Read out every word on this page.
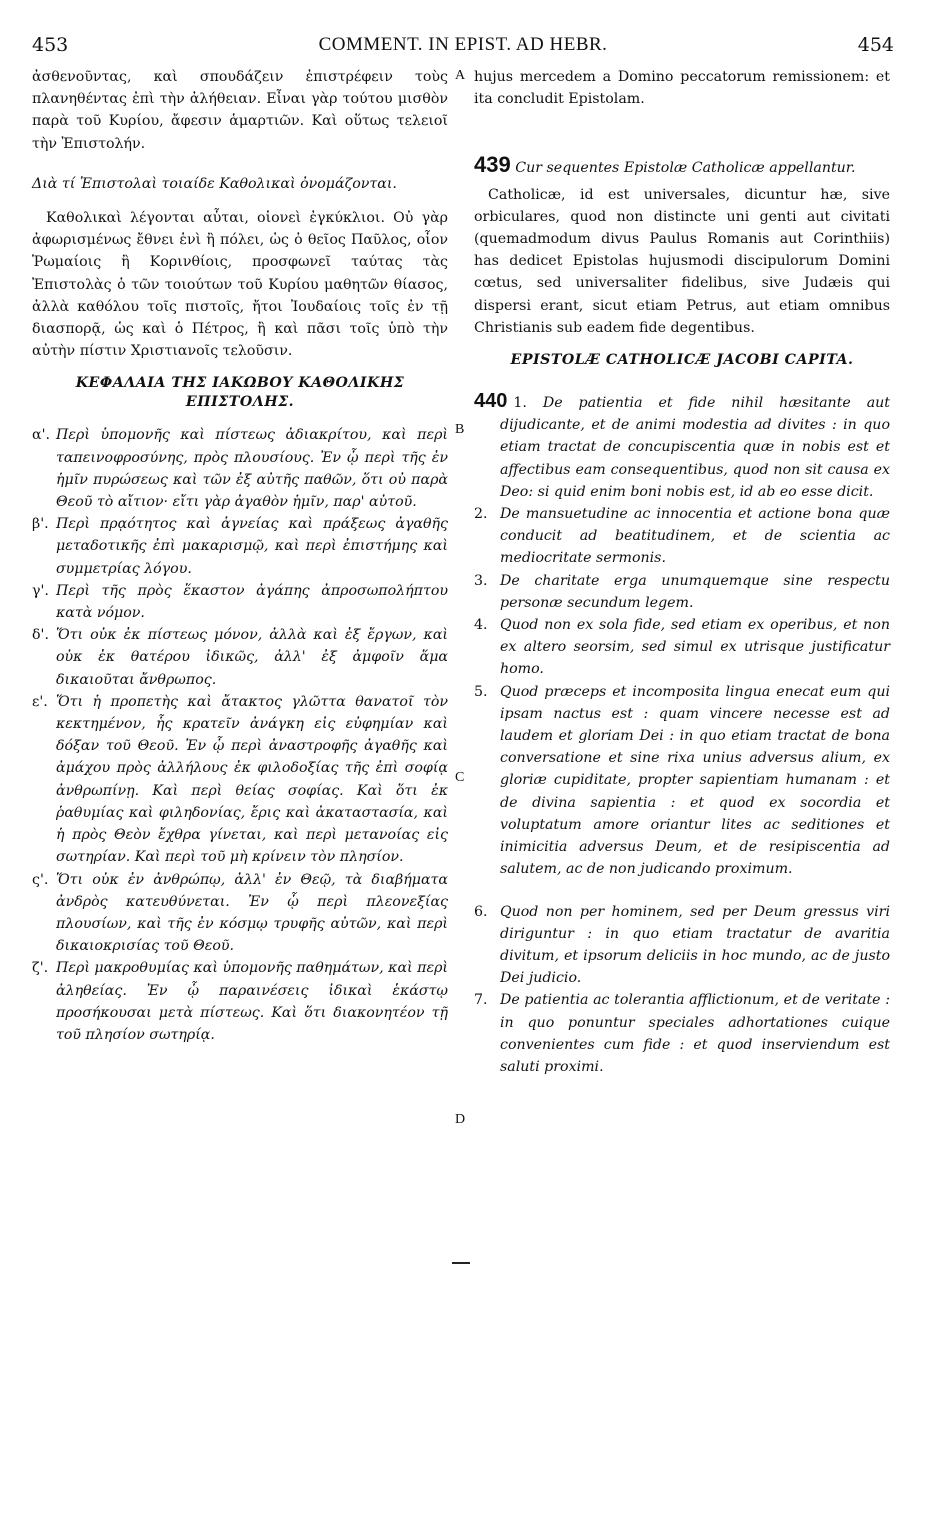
453	COMMENT. IN EPIST. AD HEBR.	454
A
B
C
D

ἀσθενοῦντας, καὶ σπουδάζειν ἐπιστρέφειν τοὺς πλανηθέντας ἐπὶ τὴν ἀλήθειαν. Εἶναι γὰρ τούτου μισθὸν παρὰ τοῦ Κυρίου, ἄφεσιν ἁμαρτιῶν. Καὶ οὕτως τελειοῖ τὴν Ἐπιστολήν.

Διὰ τί Ἐπιστολαὶ τοιαίδε Καθολικαὶ ὀνομάζονται.

Καθολικαὶ λέγονται αὗται, οἱονεὶ ἐγκύκλιοι. Οὐ γὰρ ἀφωρισμένως ἔθνει ἑνὶ ἢ πόλει, ὡς ὁ θεῖος Παῦλος, οἷον Ῥωμαίοις ἢ Κορινθίοις, προσφωνεῖ ταύτας τὰς Ἐπιστολὰς ὁ τῶν τοιούτων τοῦ Κυρίου μαθητῶν θίασος, ἀλλὰ καθόλου τοῖς πιστοῖς, ἤτοι Ἰουδαίοις τοῖς ἐν τῇ διασπορᾷ, ὡς καὶ ὁ Πέτρος, ἢ καὶ πᾶσι τοῖς ὑπὸ τὴν αὐτὴν πίστιν Χριστιανοῖς τελοῦσιν.

ΚΕΦΑΛΑΙΑ ΤΗΣ ΙΑΚΩΒΟΥ ΚΑΘΟΛΙΚΗΣ ΕΠΙΣΤΟΛΗΣ.

α'. Περὶ ὑπομονῆς καὶ πίστεως ἀδιακρίτου, καὶ περὶ ταπεινοφροσύνης, πρὸς πλουσίους. Ἐν ᾧ περὶ τῆς ἐν ἡμῖν πυρώσεως καὶ τῶν ἐξ αὐτῆς παθῶν, ὅτι οὐ παρὰ Θεοῦ τὸ αἴτιον· εἴτι γὰρ ἀγαθὸν ἡμῖν, παρ' αὐτοῦ.

β'. Περὶ πρᾳότητος καὶ ἁγνείας καὶ πράξεως ἀγαθῆς μεταδοτικῆς ἐπὶ μακαρισμῷ, καὶ περὶ ἐπιστήμης καὶ συμμετρίας λόγου.

γ'. Περὶ τῆς πρὸς ἕκαστον ἀγάπης ἀπροσωπολήπτου κατὰ νόμον.

δ'. Ὅτι οὐκ ἐκ πίστεως μόνον, ἀλλὰ καὶ ἐξ ἔργων, καὶ οὐκ ἐκ θατέρου ἰδικῶς, ἀλλ' ἐξ ἀμφοῖν ἅμα δικαιοῦται ἄνθρωπος.

ε'. Ὅτι ἡ προπετὴς καὶ ἄτακτος γλῶττα θανατοῖ τὸν κεκτημένον, ἧς κρατεῖν ἀνάγκη εἰς εὐφημίαν καὶ δόξαν τοῦ Θεοῦ. Ἐν ᾧ περὶ ἀναστροφῆς ἀγαθῆς καὶ ἀμάχου πρὸς ἀλλήλους ἐκ φιλοδοξίας τῆς ἐπὶ σοφίᾳ ἀνθρωπίνῃ. Καὶ περὶ θείας σοφίας. Καὶ ὅτι ἐκ ῥαθυμίας καὶ φιληδονίας, ἔρις καὶ ἀκαταστασία, καὶ ἡ πρὸς Θεὸν ἔχθρα γίνεται, καὶ περὶ μετανοίας εἰς σωτηρίαν. Καὶ περὶ τοῦ μὴ κρίνειν τὸν πλησίον.

ς'. Ὅτι οὐκ ἐν ἀνθρώπῳ, ἀλλ' ἐν Θεῷ, τὰ διαβήματα ἀνδρὸς κατευθύνεται. Ἐν ᾧ περὶ πλεονεξίας πλουσίων, καὶ τῆς ἐν κόσμῳ τρυφῆς αὐτῶν, καὶ περὶ δικαιοκρισίας τοῦ Θεοῦ.

ζ'. Περὶ μακροθυμίας καὶ ὑπομονῆς παθημάτων, καὶ περὶ ἀληθείας. Ἐν ᾧ παραινέσεις ἰδικαὶ ἑκάστῳ προσήκουσαι μετὰ πίστεως. Καὶ ὅτι διακονητέον τῇ τοῦ πλησίον σωτηρίᾳ.

hujus mercedem a Domino peccatorum remissionem: et ita concludit Epistolam.

439 Cur sequentes Epistolæ Catholicæ appellantur.

Catholicæ, id est universales, dicuntur hæ, sive orbiculares, quod non distincte uni genti aut civitati (quemadmodum divus Paulus Romanis aut Corinthiis) has dedicet Epistolas hujusmodi discipulorum Domini cœtus, sed universaliter fidelibus, sive Judæis qui dispersi erant, sicut etiam Petrus, aut etiam omnibus Christianis sub eadem fide degentibus.

EPISTOLÆ CATHOLICÆ JACOBI CAPITA.

440 1. De patientia et fide nihil hæsitante aut dijudicante, et de animi modestia ad divites : in quo etiam tractat de concupiscentia quæ in nobis est et affectibus eam consequentibus, quod non sit causa ex Deo: si quid enim boni nobis est, id ab eo esse dicit.

2. De mansuetudine ac innocentia et actione bona quæ conducit ad beatitudinem, et de scientia ac mediocritate sermonis.

3. De charitate erga unumquemque sine respectu personæ secundum legem.

4. Quod non ex sola fide, sed etiam ex operibus, et non ex altero seorsim, sed simul ex utrisque justificatur homo.

5. Quod præceps et incomposita lingua enecat eum qui ipsam nactus est : quam vincere necesse est ad laudem et gloriam Dei : in quo etiam tractat de bona conversatione et sine rixa unius adversus alium, ex gloriæ cupiditate, propter sapientiam humanam : et de divina sapientia : et quod ex socordia et voluptatum amore oriantur lites ac seditiones et inimicitia adversus Deum, et de resipiscentia ad salutem, ac de non judicando proximum.

6. Quod non per hominem, sed per Deum gressus viri diriguntur : in quo etiam tractatur de avaritia divitum, et ipsorum deliciis in hoc mundo, ac de justo Dei judicio.

7. De patientia ac tolerantia afflictionum, et de veritate : in quo ponuntur speciales adhortationes cuique convenientes cum fide : et quod inserviendum est saluti proximi.
